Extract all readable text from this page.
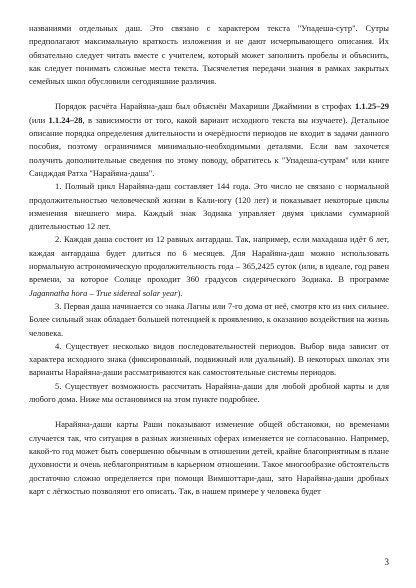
названиями отдельных даш. Это связано с характером текста "Упадеша-сутр". Сутры предполагают максимальную краткость изложения и не дают исчерпывающего описания. Их обязательно следует читать вместе с учителем, который может заполнить пробелы и объяснить, как следует понимать сложные места текста. Тысячелетия передачи знания в рамках закрытых семейных школ обусловили сегодняшние различия.

Порядок расчёта Нарайяна-даш был объяснён Махариши Джаймини в строфах 1.1.25–29 (или 1.1.24–28, в зависимости от того, какой вариант исходного текста вы изучаете). Детальное описание порядка определения длительности и очерёдности периодов не входит в задачи данного пособия, поэтому ограничимся минимально-необходимыми деталями. Если вам захочется получить дополнительные сведения по этому поводу, обратитесь к "Упадеша-сутрам" или книге Сандждая Ратха "Нарайяна-даша".

1. Полный цикл Нарайяна-даш составляет 144 года. Это число не связано с нормальной продолжительностью человеческой жизни в Кали-югу (120 лет) и показывает некоторые циклы изменения внешнего мира. Каждый знак Зодиака управляет двумя циклами суммарной длительностью 12 лет.

2. Каждая даша состоит из 12 равных антардаш. Так, например, если махадаша идёт 6 лет, каждая антардаша будет длиться по 6 месяцев. Для Нарайяна-даш можно использовать нормальную астрономическую продолжительность года – 365,2425 суток (или, в идеале, год равен времени, за которое Солнце проходит 360 градусов сидерического Зодиака. В программе Jagannatha hora – True sidereal solar year).

3. Первая даша начинается со знака Лагны или 7-го дома от неё, смотря кто из них сильнее. Более сильный знак обладает большей потенцией к проявлению, к оказанию воздействия на жизнь человека.

4. Существует несколько видов последовательностей периодов. Выбор вида зависит от характера исходного знака (фиксированный, подвижный или дуальный). В некоторых школах эти варианты Нарайяна-даши рассматриваются как самостоятельные системы периодов.

5. Существует возможность рассчитать Нарайяна-даши для любой дробной карты и для любого дома. Ниже мы остановимся на этом пункте подробнее.

Нарайяна-даши карты Раши показывают изменение общей обстановки, но временами случается так, что ситуация в разных жизненных сферах изменяется не согласованно. Например, какой-то год может быть совершенно обычным в отношении детей, крайне благоприятным в плане духовности и очень неблагоприятным в карьерном отношении. Такое многообразие обстоятельств достаточно сложно определяется при помощи Вимшоттари-даш, зато Нарайяна-даши дробных карт с лёгкостью позволяют его описать. Так, в нашем примере у человека будет

3
